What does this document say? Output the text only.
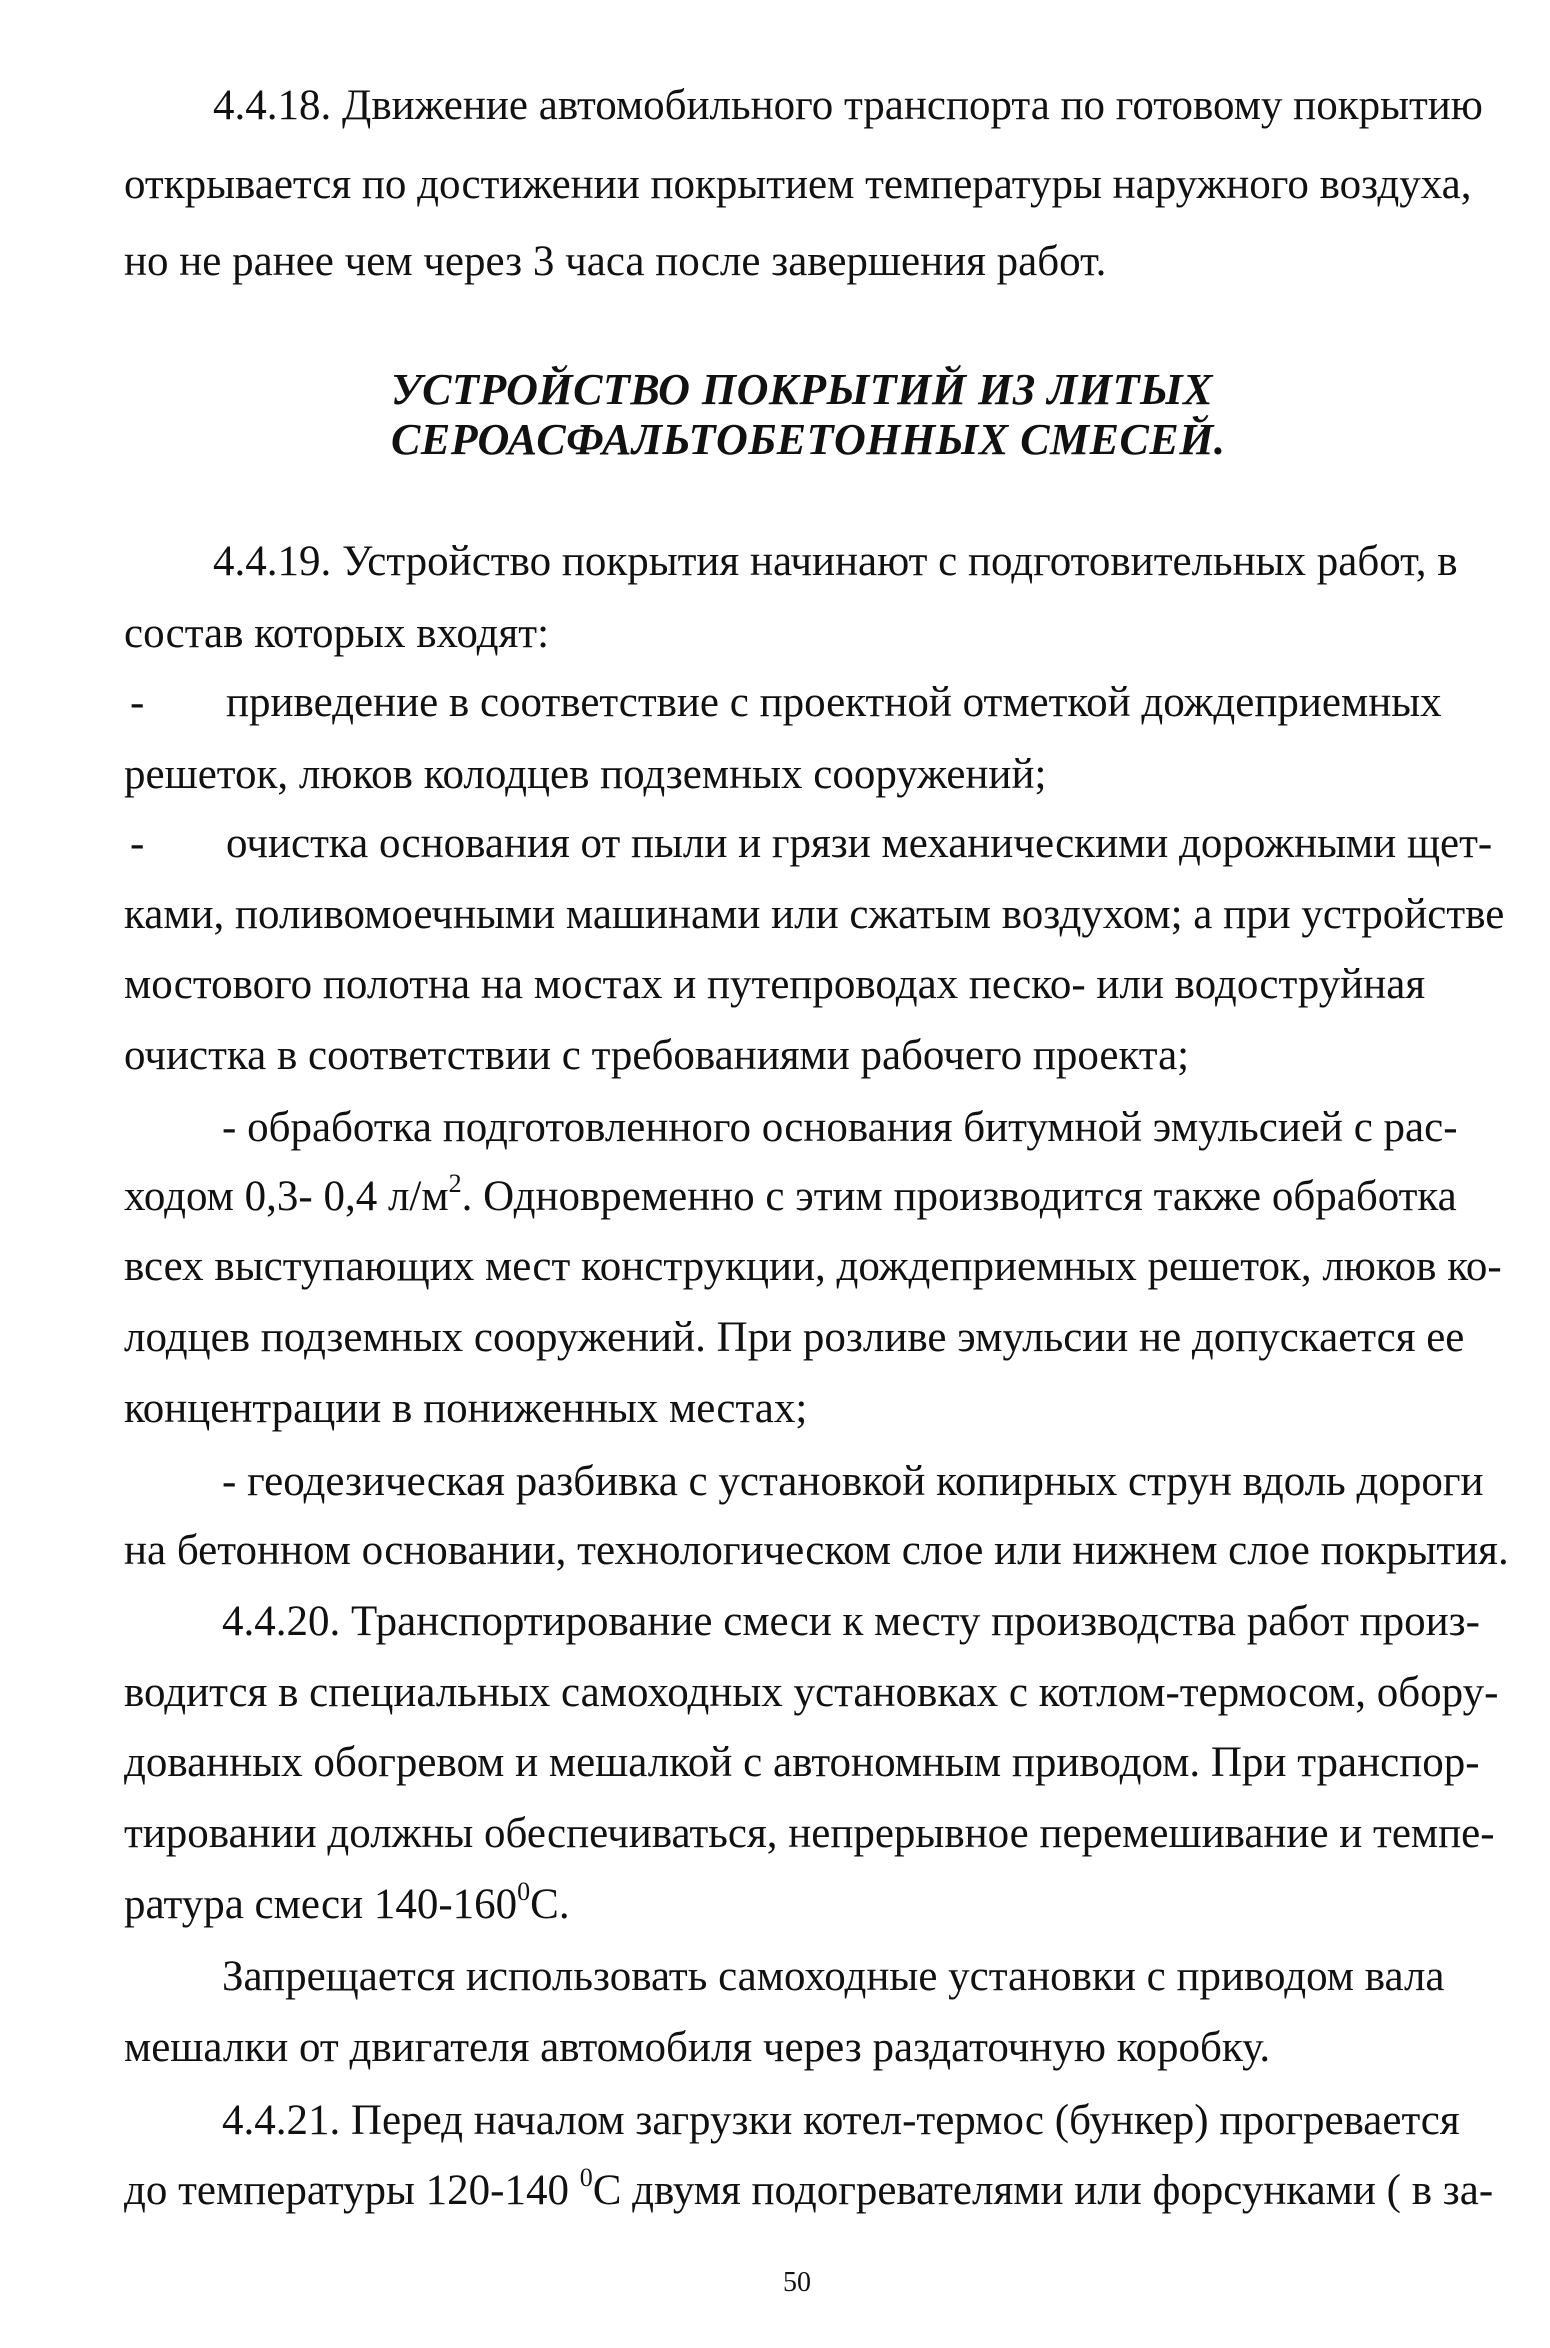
4.4.18. Движение автомобильного транспорта по готовому покрытию
открывается по достижении покрытием температуры наружного воздуха,
но не ранее чем через 3 часа после завершения работ.
УСТРОЙСТВО ПОКРЫТИЙ ИЗ ЛИТЫХ
СЕРОАСФАЛЬТОБЕТОННЫХ СМЕСЕЙ.
4.4.19. Устройство покрытия начинают с подготовительных работ, в
состав которых входят:
- приведение в соответствие с проектной отметкой дождеприемных
решеток, люков колодцев подземных сооружений;
- очистка основания от пыли и грязи механическими дорожными щет-
ками, поливомоечными машинами или сжатым воздухом; а при устройстве
мостового полотна на мостах и путепроводах песко- или водоструйная
очистка в соответствии с требованиями рабочего проекта;
- обработка подготовленного основания битумной эмульсией с рас-
ходом 0,3- 0,4 $л/м^2$. Одновременно с этим производится также обработка
всех выступающих мест конструкции, дождеприемных решеток, люков ко-
лодцев подземных сооружений. При розливе эмульсии не допускается ее
концентрации в пониженных местах;
- геодезическая разбивка с установкой копирных струн вдоль дороги
на бетонном основании, технологическом слое или нижнем слое покрытия.
4.4.20. Транспортирование смеси к месту производства работ произ-
водится в специальных самоходных установках с котлом-термосом, обору-
дованных обогревом и мешалкой с автономным приводом. При транспор-
тировании должны обеспечиваться, непрерывное перемешивание и темпе-
ратура смеси $140-160^0С$.
Запрещается использовать самоходные установки с приводом вала
мешалки от двигателя автомобиля через раздаточную коробку.
4.4.21. Перед началом загрузки котел-термос (бункер) прогревается
до температуры 120-140 $^0$С двумя подогревателями или форсунками ( в за-
50
